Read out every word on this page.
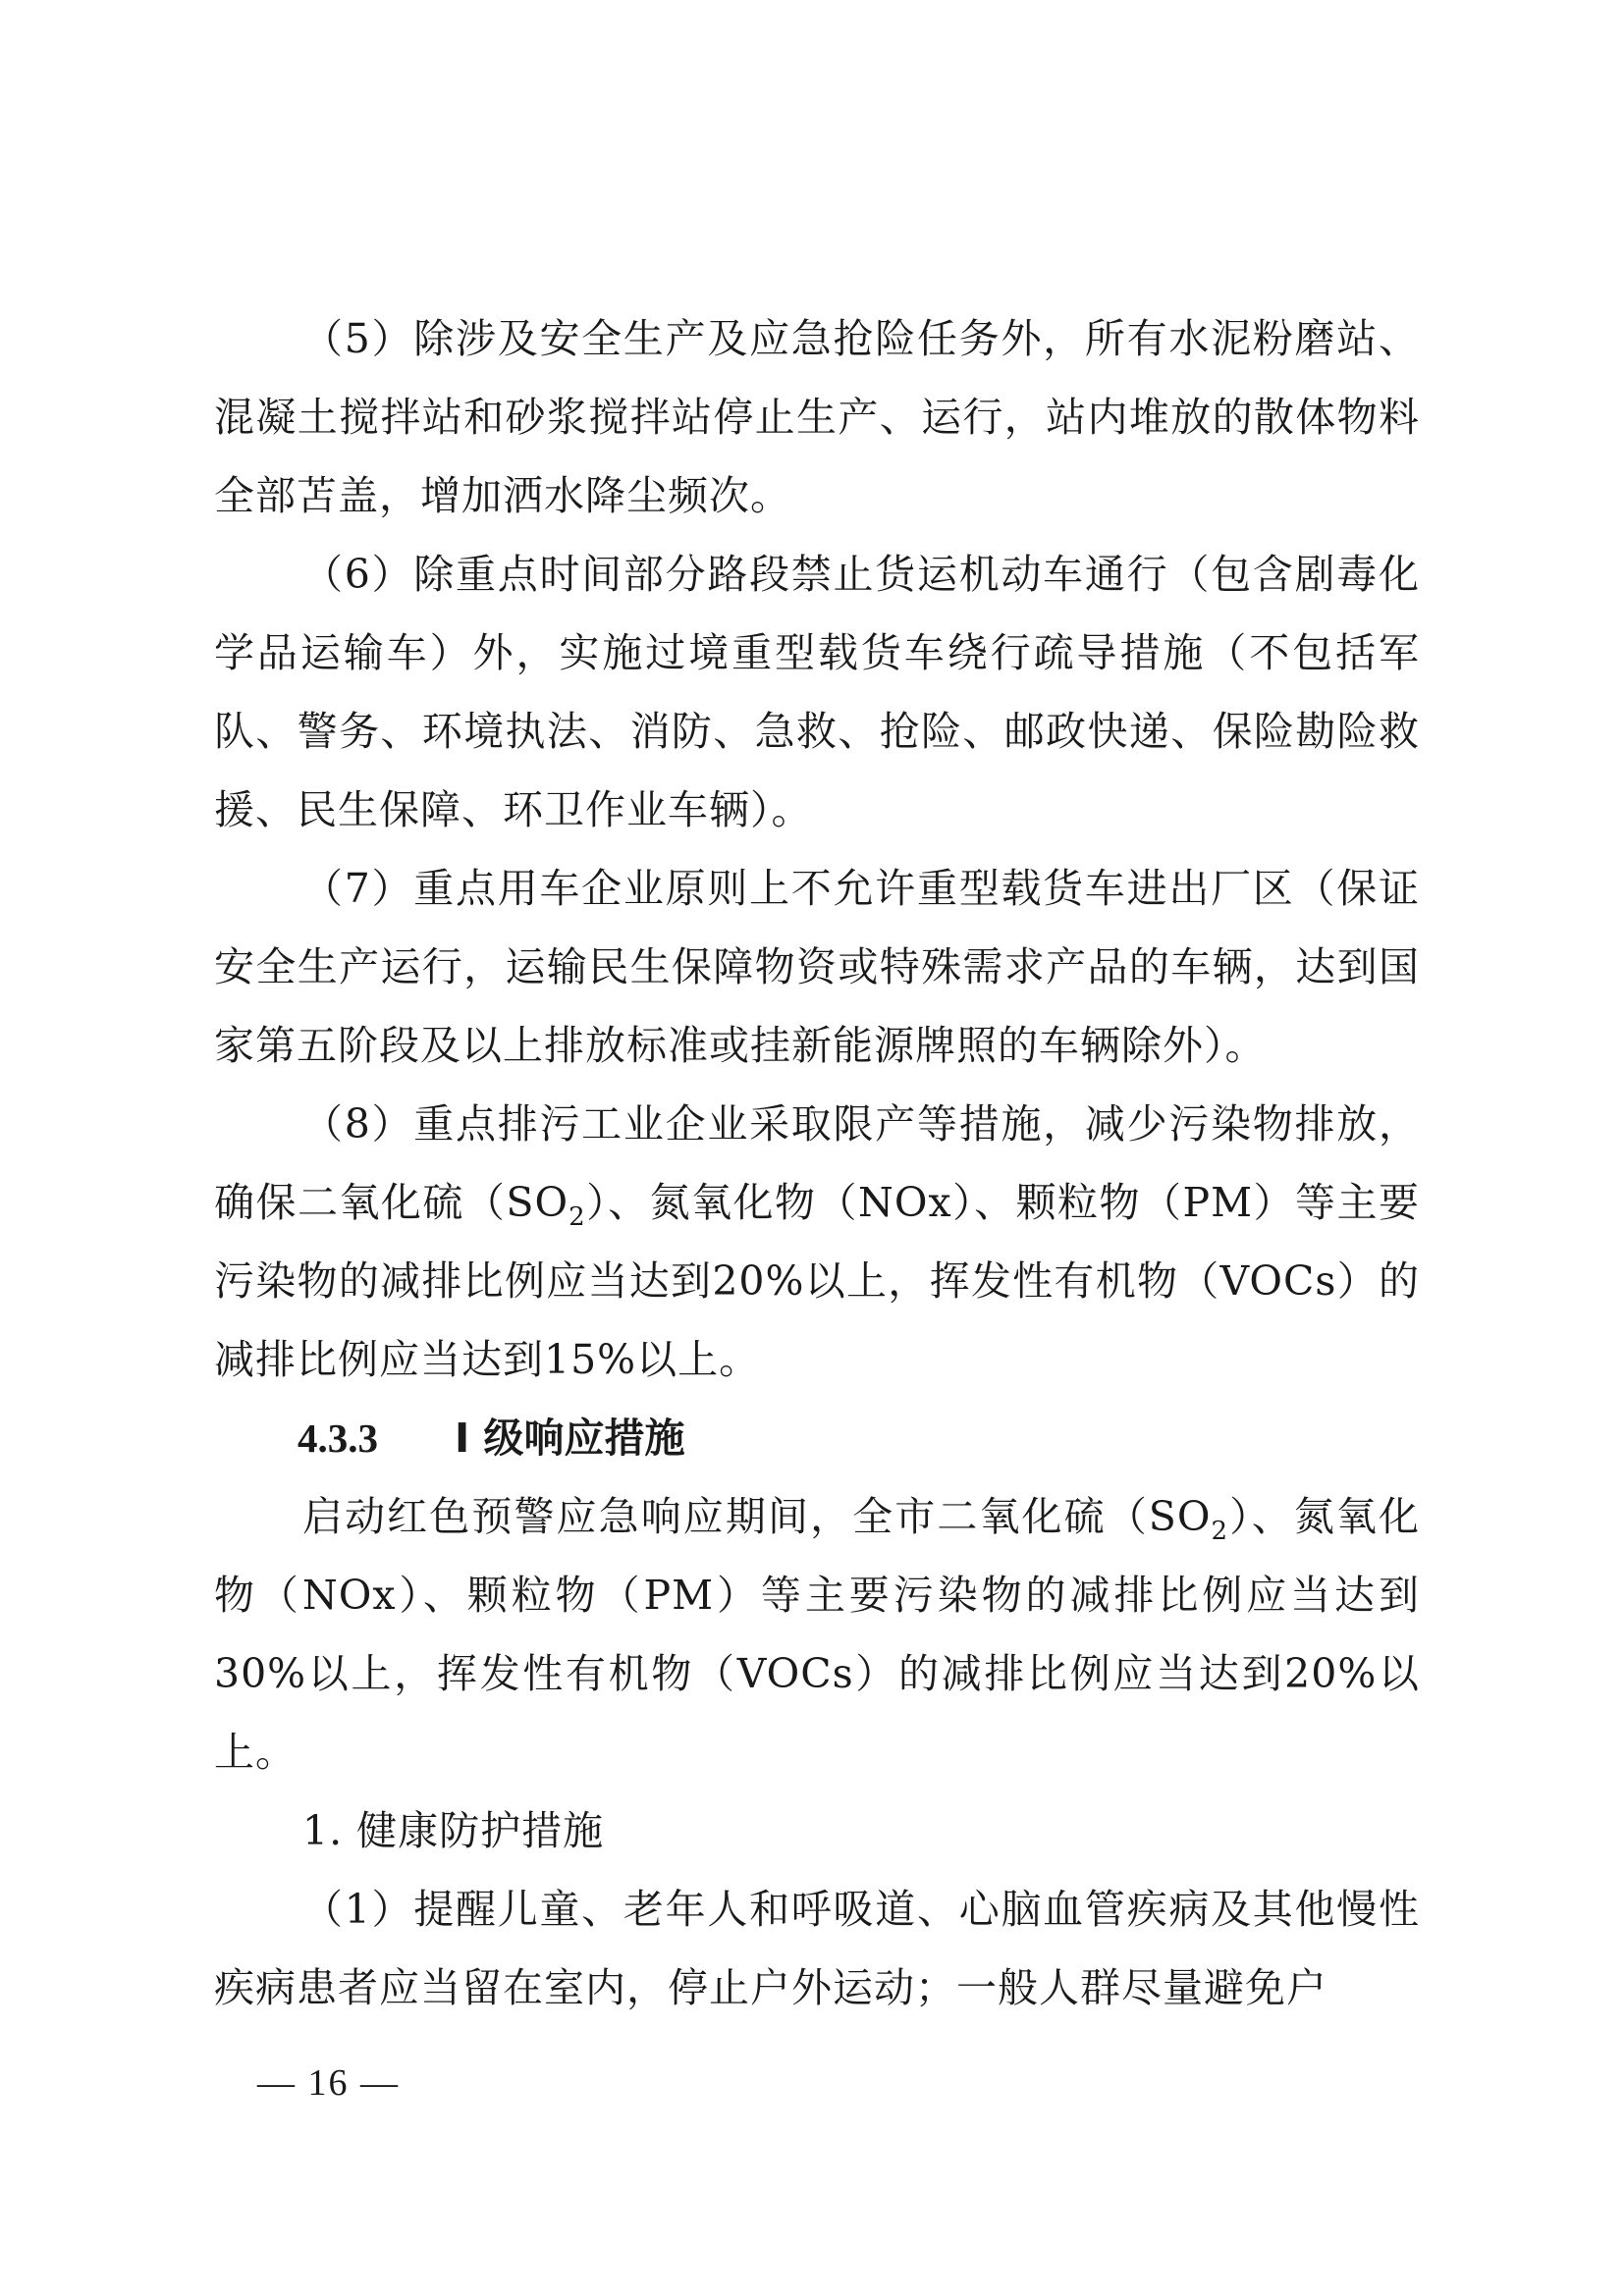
（5）除涉及安全生产及应急抢险任务外，所有水泥粉磨站、混凝土搅拌站和砂浆搅拌站停止生产、运行，站内堆放的散体物料全部苫盖，增加洒水降尘频次。

（6）除重点时间部分路段禁止货运机动车通行（包含剧毒化学品运输车）外，实施过境重型载货车绕行疏导措施（不包括军队、警务、环境执法、消防、急救、抢险、邮政快递、保险勘险救援、民生保障、环卫作业车辆）。

（7）重点用车企业原则上不允许重型载货车进出厂区（保证安全生产运行，运输民生保障物资或特殊需求产品的车辆，达到国家第五阶段及以上排放标准或挂新能源牌照的车辆除外）。

（8）重点排污工业企业采取限产等措施，减少污染物排放，确保二氧化硫$(SO_2)$、氮氧化物（NOx）、颗粒物（PM）等主要污染物的减排比例应当达到20%以上，挥发性有机物（VOCs）的减排比例应当达到15%以上。

4.3.3 I 级响应措施

启动红色预警应急响应期间，全市二氧化硫$(SO_2)$、氮氧化物（NOx）、颗粒物（PM）等主要污染物的减排比例应当达到30%以上，挥发性有机物（VOCs）的减排比例应当达到20%以上。

1. 健康防护措施

（1）提醒儿童、老年人和呼吸道、心脑血管疾病及其他慢性疾病患者应当留在室内，停止户外运动；一般人群尽量避免户

— 16 —
